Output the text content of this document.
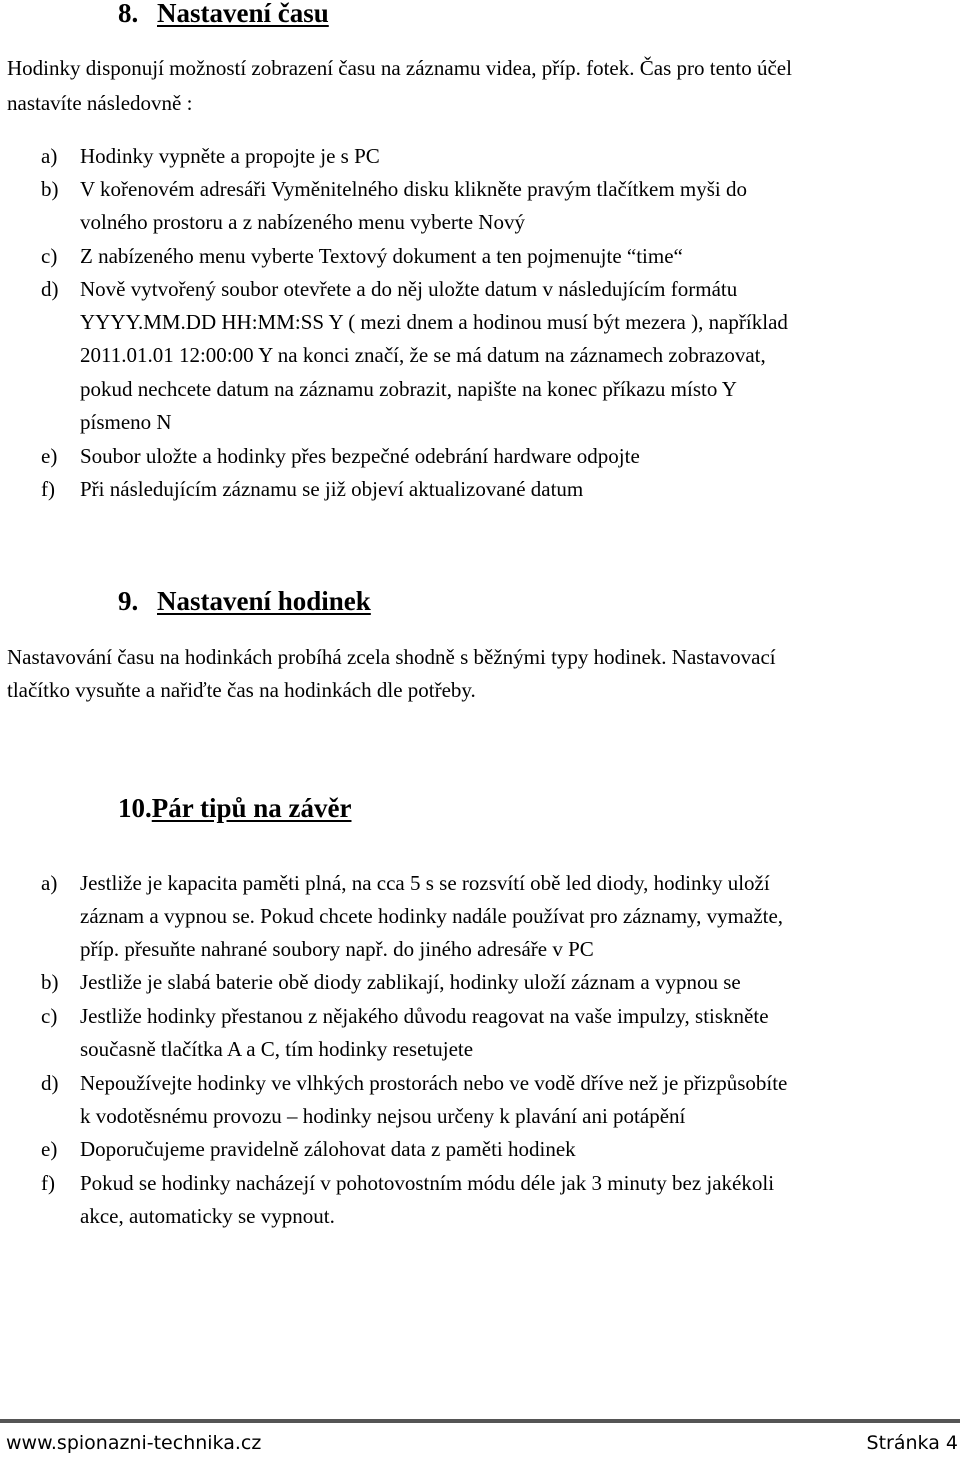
8. Nastavení času
Hodinky disponují možností zobrazení času na záznamu videa, příp. fotek. Čas pro tento účel
nastavíte následovně :
a) Hodinky vypněte a propojte je s PC
b) V kořenovém adresáři Vyměnitelného disku klikněte pravým tlačítkem myši do
volného prostoru a z nabízeného menu vyberte Nový
c) Z nabízeného menu vyberte Textový dokument a ten pojmenujte “time“
d) Nově vytvořený soubor otevřete a do něj uložte datum v následujícím formátu
YYYY.MM.DD HH:MM:SS Y ( mezi dnem a hodinou musí být mezera ), například
2011.01.01 12:00:00 Y na konci značí, že se má datum na záznamech zobrazovat,
pokud nechcete datum na záznamu zobrazit, napište na konec příkazu místo Y
písmeno N
e) Soubor uložte a hodinky přes bezpečné odebrání hardware odpojte
f) Při následujícím záznamu se již objeví aktualizované datum
9. Nastavení hodinek
Nastavování času na hodinkách probíhá zcela shodně s běžnými typy hodinek. Nastavovací
tlačítko vysuňte a nařiďte čas na hodinkách dle potřeby.
10.Pár tipů na závěr
a) Jestliže je kapacita paměti plná, na cca 5 s se rozsvítí obě led diody, hodinky uloží
záznam a vypnou se. Pokud chcete hodinky nadále používat pro záznamy, vymažte,
příp. přesuňte nahrané soubory např. do jiného adresáře v PC
b) Jestliže je slabá baterie obě diody zablikají, hodinky uloží záznam a vypnou se
c) Jestliže hodinky přestanou z nějakého důvodu reagovat na vaše impulzy, stiskněte
současně tlačítka A a C, tím hodinky resetujete
d) Nepoužívejte hodinky ve vlhkých prostorách nebo ve vodě dříve než je přizpůsobíte
k vodotěsnému provozu – hodinky nejsou určeny k plavání ani potápění
e) Doporučujeme pravidelně zálohovat data z paměti hodinek
f) Pokud se hodinky nacházejí v pohotovostním módu déle jak 3 minuty bez jakékoli
akce, automaticky se vypnout.
www.spionazni-technika.cz	Stránka 4
